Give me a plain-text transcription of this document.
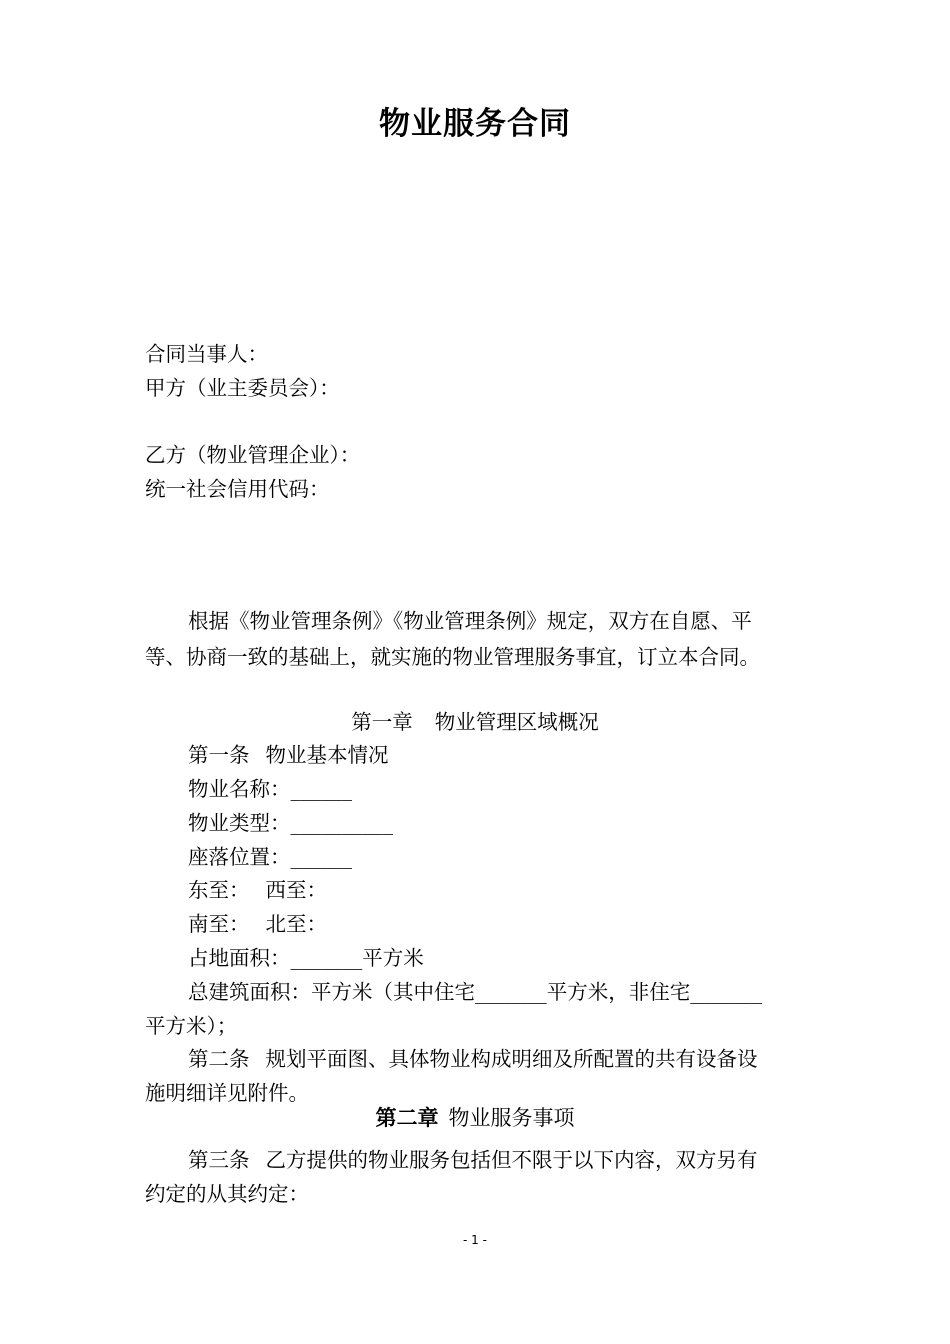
物业服务合同
合同当事人：
甲方（业主委员会）：
乙方（物业管理企业）：
统一社会信用代码：
根据《物业管理条例》《物业管理条例》规定，双方在自愿、平
等、协商一致的基础上，就实施的物业管理服务事宜，订立本合同。
第一章 物业管理区域概况
第一条 物业基本情况
物业名称：______
物业类型：__________
座落位置：______
东至： 西至：
南至： 北至：
占地面积：_______平方米
总建筑面积：平方米（其中住宅_______平方米，非住宅_______
平方米）；
第二条 规划平面图、具体物业构成明细及所配置的共有设备设
施明细详见附件。
第二章 物业服务事项
第三条 乙方提供的物业服务包括但不限于以下内容，双方另有
约定的从其约定：
- 1 -
